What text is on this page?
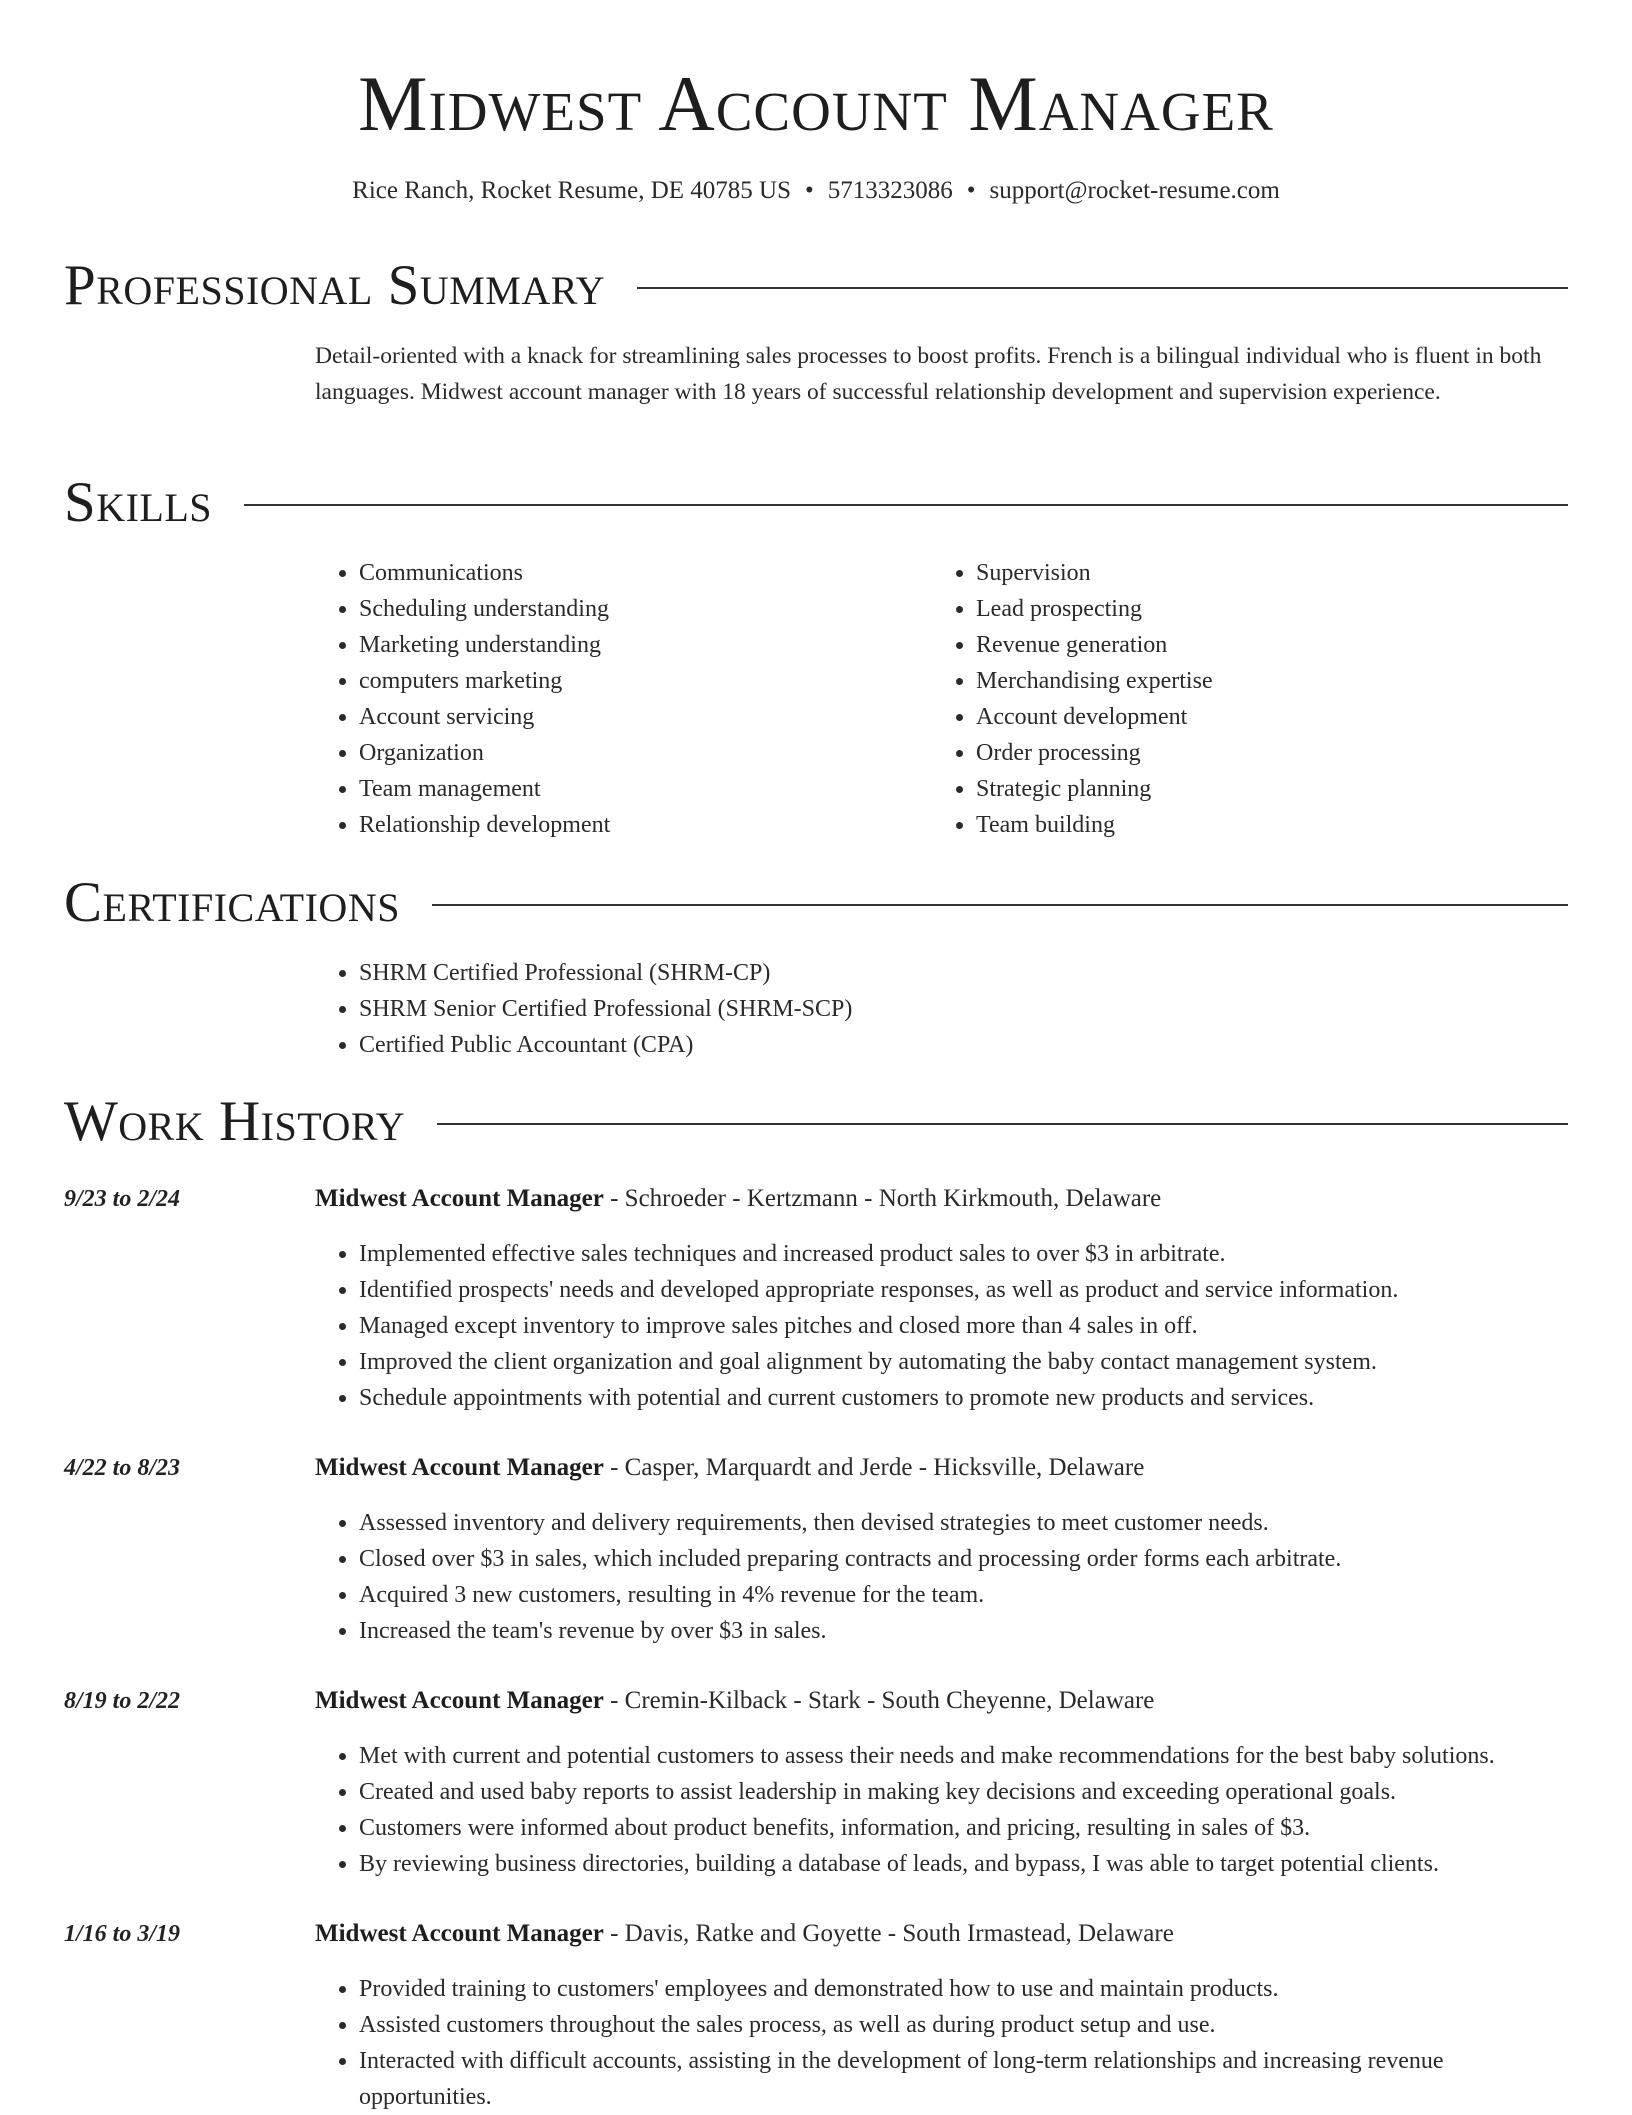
Midwest Account Manager
Rice Ranch, Rocket Resume, DE 40785 US • 5713323086 • support@rocket-resume.com
Professional Summary
Detail-oriented with a knack for streamlining sales processes to boost profits. French is a bilingual individual who is fluent in both languages. Midwest account manager with 18 years of successful relationship development and supervision experience.
Skills
• Communications
• Scheduling understanding
• Marketing understanding
• computers marketing
• Account servicing
• Organization
• Team management
• Relationship development
• Supervision
• Lead prospecting
• Revenue generation
• Merchandising expertise
• Account development
• Order processing
• Strategic planning
• Team building
Certifications
• SHRM Certified Professional (SHRM-CP)
• SHRM Senior Certified Professional (SHRM-SCP)
• Certified Public Accountant (CPA)
Work History
9/23 to 2/24	Midwest Account Manager - Schroeder - Kertzmann - North Kirkmouth, Delaware
• Implemented effective sales techniques and increased product sales to over $3 in arbitrate.
• Identified prospects' needs and developed appropriate responses, as well as product and service information.
• Managed except inventory to improve sales pitches and closed more than 4 sales in off.
• Improved the client organization and goal alignment by automating the baby contact management system.
• Schedule appointments with potential and current customers to promote new products and services.
4/22 to 8/23	Midwest Account Manager - Casper, Marquardt and Jerde - Hicksville, Delaware
• Assessed inventory and delivery requirements, then devised strategies to meet customer needs.
• Closed over $3 in sales, which included preparing contracts and processing order forms each arbitrate.
• Acquired 3 new customers, resulting in 4% revenue for the team.
• Increased the team's revenue by over $3 in sales.
8/19 to 2/22	Midwest Account Manager - Cremin-Kilback - Stark - South Cheyenne, Delaware
• Met with current and potential customers to assess their needs and make recommendations for the best baby solutions.
• Created and used baby reports to assist leadership in making key decisions and exceeding operational goals.
• Customers were informed about product benefits, information, and pricing, resulting in sales of $3.
• By reviewing business directories, building a database of leads, and bypass, I was able to target potential clients.
1/16 to 3/19	Midwest Account Manager - Davis, Ratke and Goyette - South Irmastead, Delaware
• Provided training to customers' employees and demonstrated how to use and maintain products.
• Assisted customers throughout the sales process, as well as during product setup and use.
• Interacted with difficult accounts, assisting in the development of long-term relationships and increasing revenue opportunities.
